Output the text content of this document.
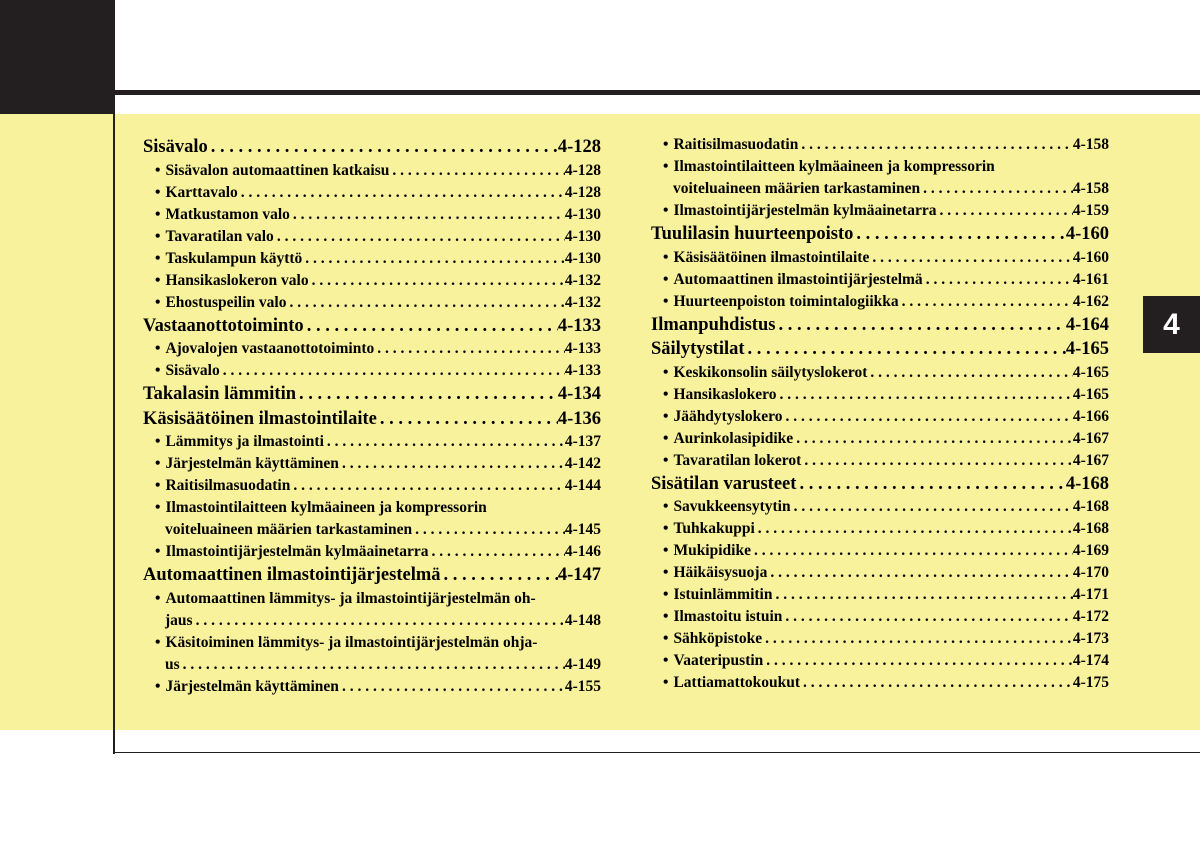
4
Sisävalo . . .	4-128
• Sisävalon automaattinen katkaisu . . .	4-128
• Karttavalo . . .	4-128
• Matkustamon valo . . .	4-130
• Tavaratilan valo . . .	4-130
• Taskulampun käyttö . . .	4-130
• Hansikaslokeron valo . . .	4-132
• Ehostuspeilin valo . . .	4-132
Vastaanottotoiminto . . .	4-133
• Ajovalojen vastaanottotoiminto . . .	4-133
• Sisävalo . . .	4-133
Takalasin lämmitin . . .	4-134
Käsisäätöinen ilmastointilaite . . .	4-136
• Lämmitys ja ilmastointi . . .	4-137
• Järjestelmän käyttäminen . . .	4-142
• Raitisilmasuodatin . . .	4-144
• Ilmastointilaitteen kylmäaineen ja kompressorin
voiteluaineen määrien tarkastaminen . . .	4-145
• Ilmastointijärjestelmän kylmäainetarra . . .	4-146
Automaattinen ilmastointijärjestelmä . . .	4-147
• Automaattinen lämmitys- ja ilmastointijärjestelmän oh-
jaus . . .	4-148
• Käsitoiminen lämmitys- ja ilmastointijärjestelmän ohja-
us . . .	4-149
• Järjestelmän käyttäminen . . .	4-155
• Raitisilmasuodatin . . .	4-158
• Ilmastointilaitteen kylmäaineen ja kompressorin
voiteluaineen määrien tarkastaminen . . .	4-158
• Ilmastointijärjestelmän kylmäainetarra . . .	4-159
Tuulilasin huurteenpoisto . . .	4-160
• Käsisäätöinen ilmastointilaite . . .	4-160
• Automaattinen ilmastointijärjestelmä . . .	4-161
• Huurteenpoiston toimintalogiikka . . .	4-162
Ilmanpuhdistus . . .	4-164
Säilytystilat . . .	4-165
• Keskikonsolin säilytyslokerot . . .	4-165
• Hansikaslokero . . .	4-165
• Jäähdytyslokero . . .	4-166
• Aurinkolasipidike . . .	4-167
• Tavaratilan lokerot . . .	4-167
Sisätilan varusteet . . .	4-168
• Savukkeensytytin . . .	4-168
• Tuhkakuppi . . .	4-168
• Mukipidike . . .	4-169
• Häikäisysuoja . . .	4-170
• Istuinlämmitin . . .	4-171
• Ilmastoitu istuin . . .	4-172
• Sähköpistoke . . .	4-173
• Vaateripustin . . .	4-174
• Lattiamattokoukut . . .	4-175
